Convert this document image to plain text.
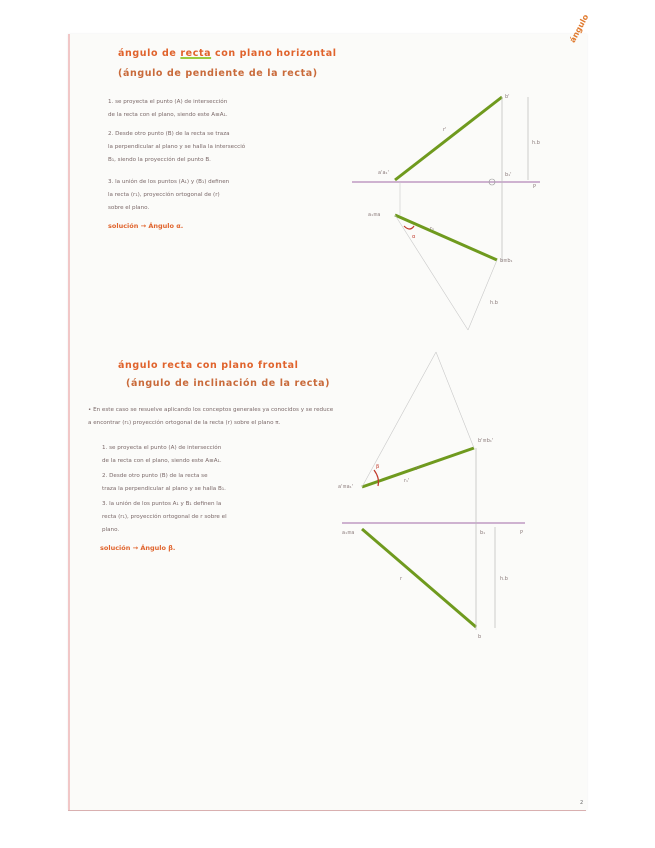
ángulo
ángulo de recta con plano horizontal
(ángulo de pendiente de la recta)
1. se proyecta el punto (A) de intersección
de la recta con el plano, siendo este A≡A₁.
2. Desde otro punto (B) de la recta se traza
la perpendicular al plano y se halla la intersecció
B₁, siendo la proyección del punto B.
3. la unión de los puntos (A₁) y (B₁) definen
la recta (r₁), proyección ortogonal de (r)
sobre el plano.
solución → Ángulo α.
ángulo recta con plano frontal
(ángulo de inclinación de la recta)
• En este caso se resuelve aplicando los conceptos generales ya conocidos y se reduce
a encontrar (r₁) proyección ortogonal de la recta (r) sobre el plano π.
1. se proyecta el punto (A) de intersección
de la recta con el plano, siendo este A≡A₁.
2. Desde otro punto (B) de la recta se
traza la perpendicular al plano y se halla B₁.
3. la unión de los puntos A₁ y B₁ definen la
recta (r₁), proyección ortogonal de r sobre el
plano.
solución → Ángulo β.
b'
r'
h.b
a'a₁'	b₁'
P
a₁≡a
r₁
α
b≡b₁
h.b
b'≡b₁'
a'≡a₁'
β
r₁'
r'
a₁≡a	b₁	P
r	h.b
b
2
